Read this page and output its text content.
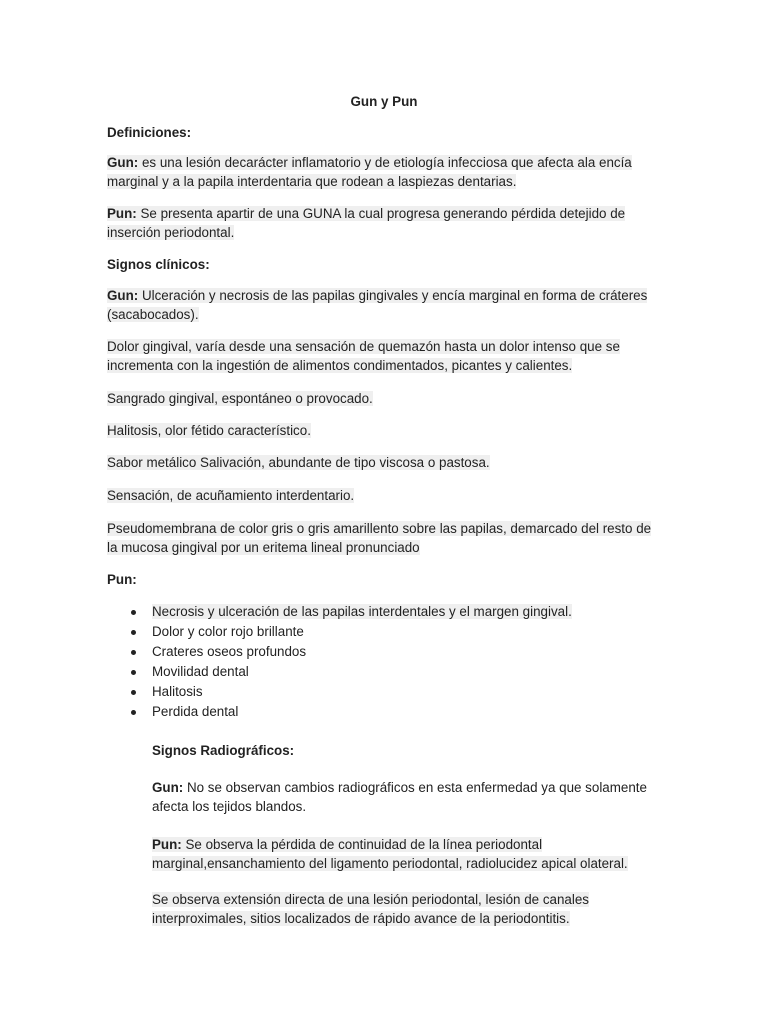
Gun y Pun

Definiciones:

Gun: es una lesión decarácter inflamatorio y de etiología infecciosa que afecta ala encía marginal y a la papila interdentaria que rodean a laspiezas dentarias.

Pun: Se presenta apartir de una GUNA la cual progresa generando pérdida detejido de inserción periodontal.

Signos clínicos:

Gun: Ulceración y necrosis de las papilas gingivales y encía marginal en forma de cráteres (sacabocados).

Dolor gingival, varía desde una sensación de quemazón hasta un dolor intenso que se incrementa con la ingestión de alimentos condimentados, picantes y calientes.

Sangrado gingival, espontáneo o provocado.

Halitosis, olor fétido característico.

Sabor metálico Salivación, abundante de tipo viscosa o pastosa.

Sensación, de acuñamiento interdentario.

Pseudomembrana de color gris o gris amarillento sobre las papilas, demarcado del resto de la mucosa gingival por un eritema lineal pronunciado

Pun:

Necrosis y ulceración de las papilas interdentales y el margen gingival.
Dolor y color rojo brillante
Crateres oseos profundos
Movilidad dental
Halitosis
Perdida dental

Signos Radiográficos:

Gun: No se observan cambios radiográficos en esta enfermedad ya que solamente afecta los tejidos blandos.

Pun: Se observa la pérdida de continuidad de la línea periodontal marginal,ensanchamiento del ligamento periodontal, radiolucidez apical olateral.

Se observa extensión directa de una lesión periodontal, lesión de canales interproximales, sitios localizados de rápido avance de la periodontitis.
